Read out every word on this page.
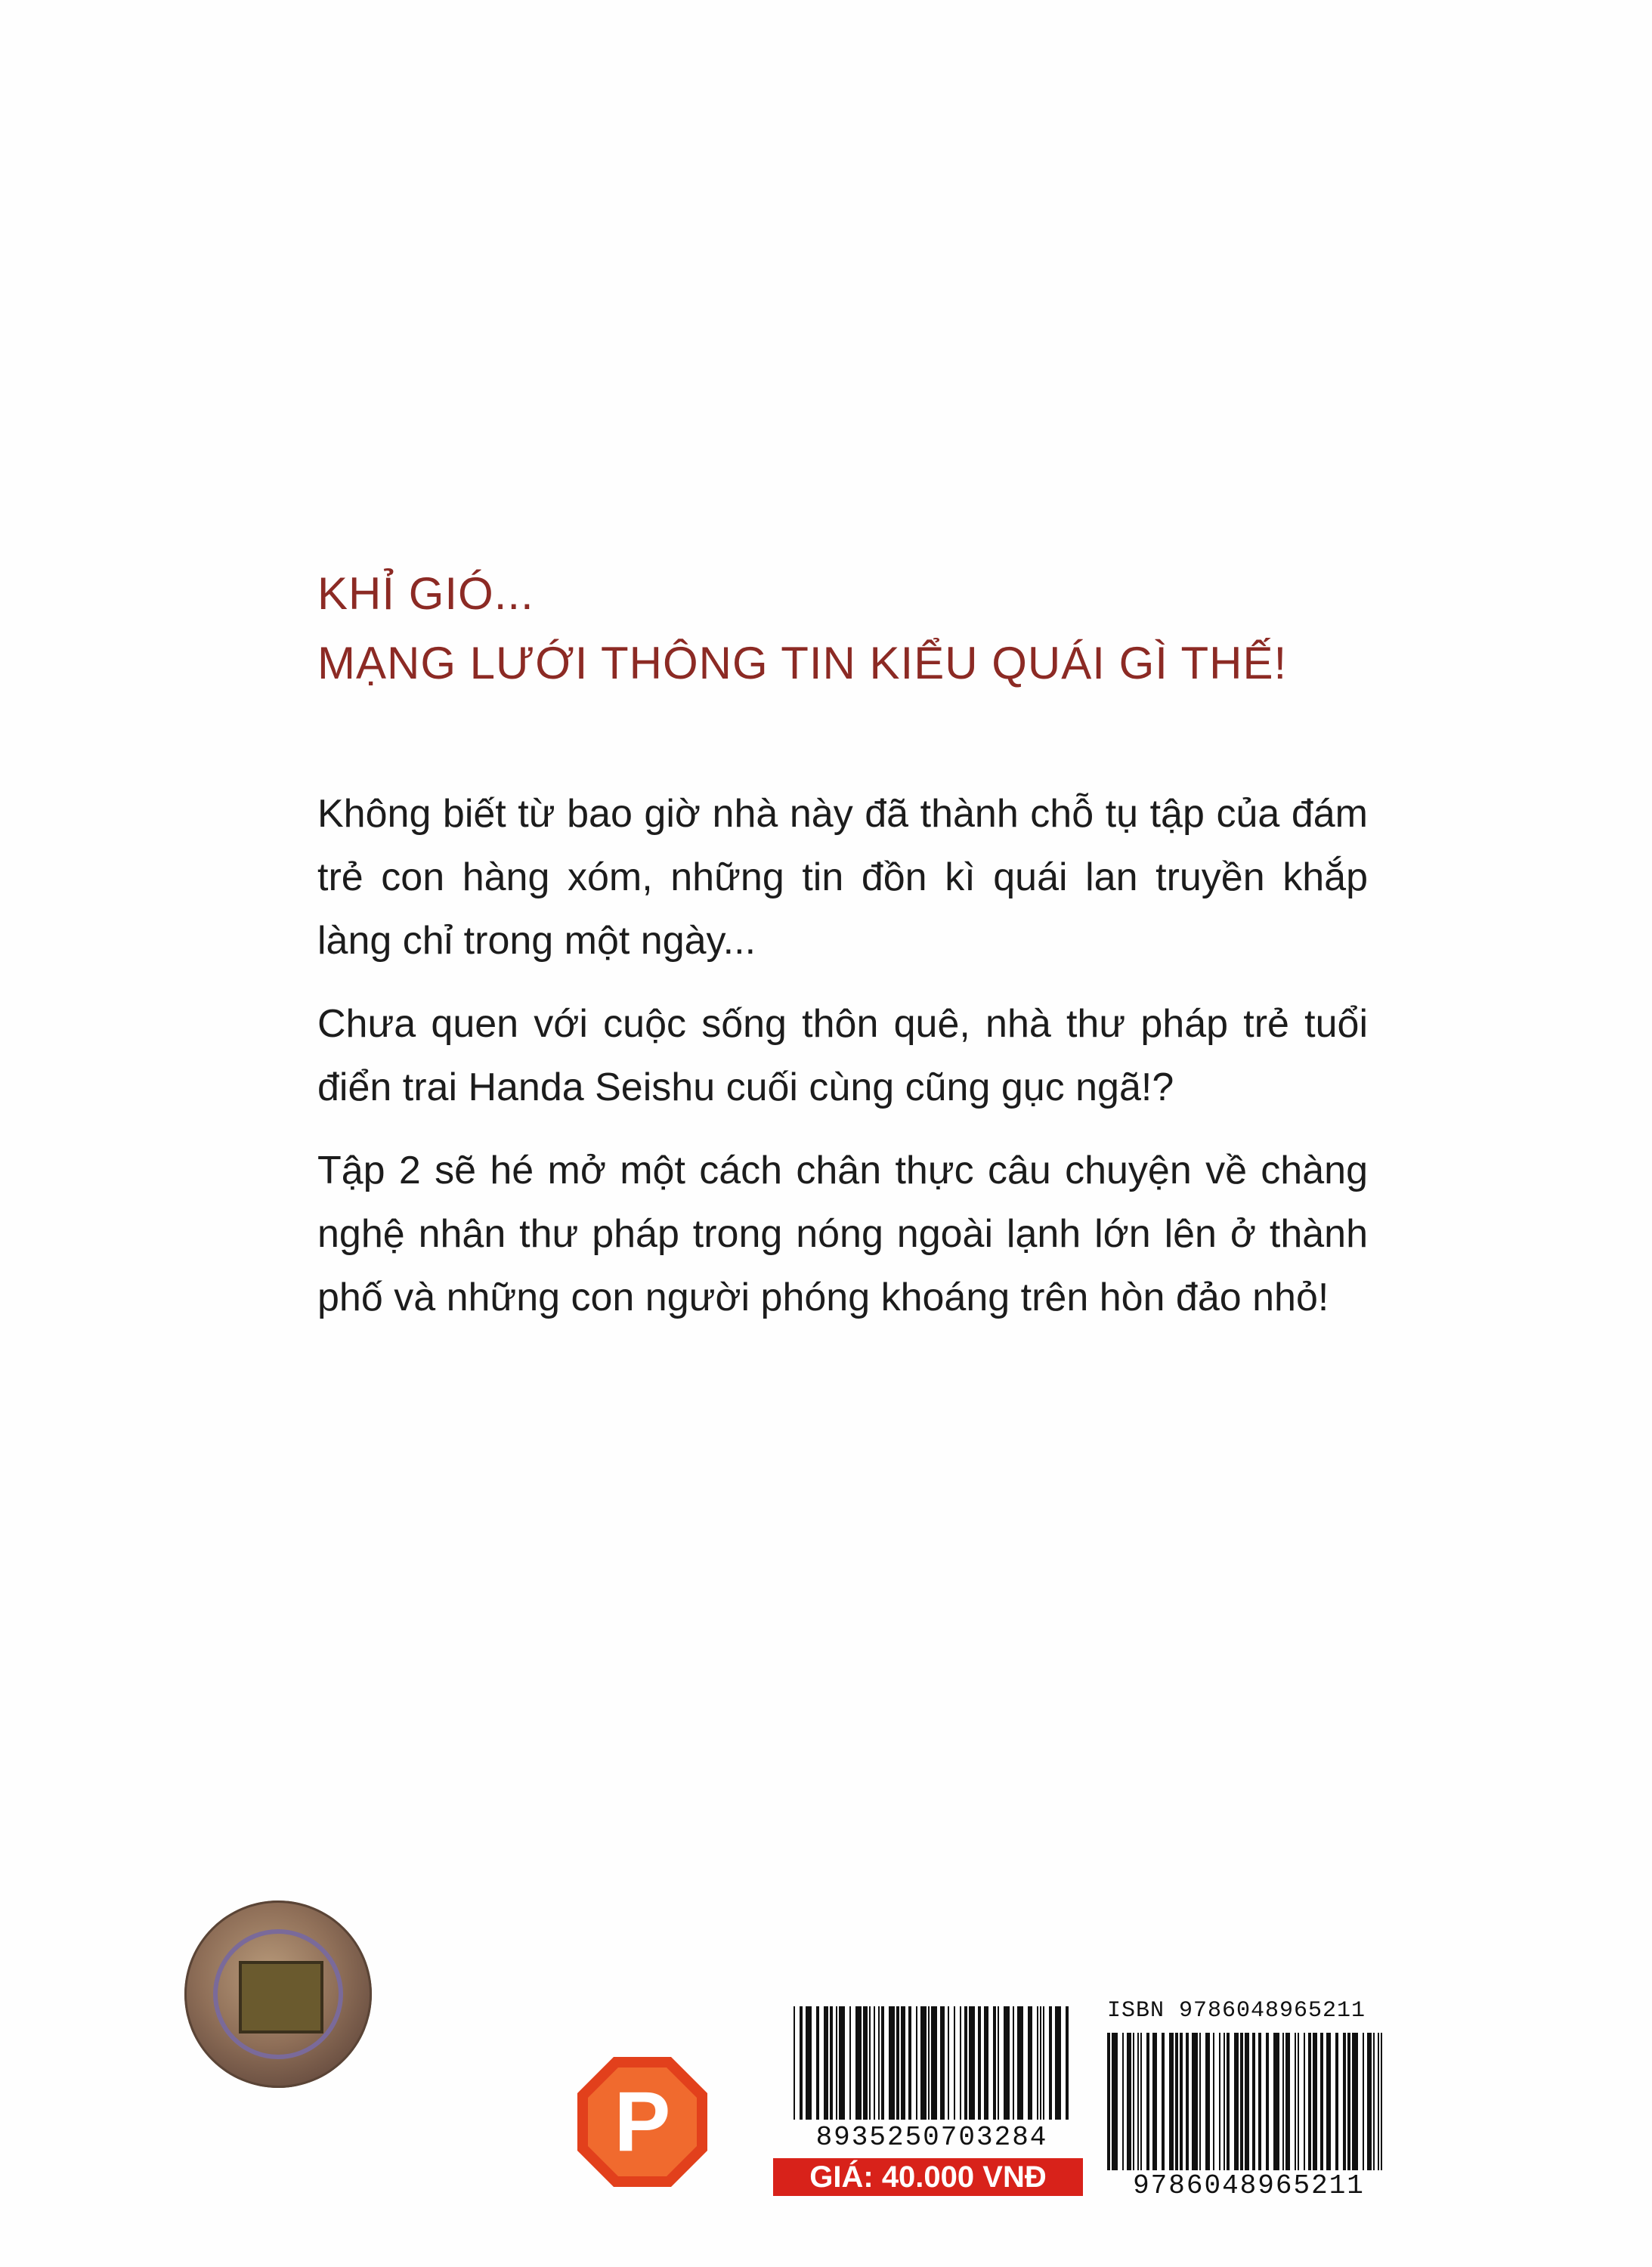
KHỈ GIÓ...
MẠNG LƯỚI THÔNG TIN KIỂU QUÁI GÌ THẾ!

Không biết từ bao giờ nhà này đã thành chỗ tụ tập của đám trẻ con hàng xóm, những tin đồn kì quái lan truyền khắp làng chỉ trong một ngày...

Chưa quen với cuộc sống thôn quê, nhà thư pháp trẻ tuổi điển trai Handa Seishu cuối cùng cũng gục ngã!?

Tập 2 sẽ hé mở một cách chân thực câu chuyện về chàng nghệ nhân thư pháp trong nóng ngoài lạnh lớn lên ở thành phố và những con người phóng khoáng trên hòn đảo nhỏ!

P	8935250703284
GIÁ: 40.000 VNĐ
ISBN 9786048965211
9786048965211
